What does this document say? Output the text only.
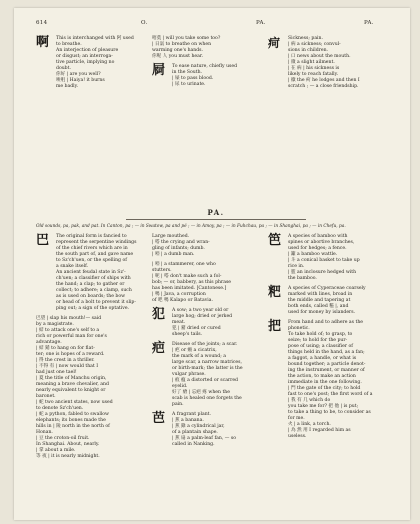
614	O.	PA.	PA.
啊 This is interchanged with 阿 used
to breathe.
An interjection of pleasure
or disgust; an interroga-
tive particle, implying no
doubt.
你好 | are you well?
唉咀 | Haiya! it burns
me badly.
唔莫 | will you take some too?
| 日氣 to breathe on when
warming one's hands.
你呢 人 you must hear.
屙 To ease nature, chiefly used
in the South.
| 屎 to pass blood.
| 尿 to urinate.
疴 Sickness; pain.
| 病 a sickness; convul-
sions in children.
| 口 news about the mouth.
| 微 a slight ailment.
| 在 病 | his sickness is
likely to reach fatally.
| 徽 the 疴 he lodges and then I
scratch ; — a close friendship.
PA.
Old sounds, pa, pak, and pat. In Canton, pa ; — in Swatow, pa and pé ; — in Amoy, pa ; — in Fuhchau, pa ; — in Shanghai, pa ; — in Chefu, pa.
巴 The original form is fancied to
represent the serpentine windings
of the chief rivers which are in
the south part of, and gave name
to Sz'ch'uen, or the spelling of
a snake itself.
An ancient feudal state in Sz'-
ch'uen; a classifier of ships with
the hand; a clap; to gather or
collect; to adhere; a clamp, such
as is used on boards; the bow
or head of a bolt to prevent it slip-
ping out; a sign of the optative.
巴望 | slap his mouth!— said
by a magistrate.
| 結 to attack one's self to a
rich or powerful man for one's
advantage.
| 結 銷 to hang on for flat-
ter; one is hopes of a reward.
| 得 the crest in a thriller.
| 不得 有 | now would that I
had just one tael!
| 夏 the title of Manchu origin,
meaning a brave chevalier, and
nearly equivalent to knight or
baronet.
| 蛇 two ancient states, now used
to denote Sz'ch'uen.
| 蛇 a python, fabled to swallow
elephants; its bones made the
hills in | 陵 north in the north of
Honan.
| 豆 the croton-oil fruit.
In Shanghai. About, nearly.
| 掌 about a mile.
等 夜 | it is nearly midnight.
Large mouthed.
| 嗒 the crying and wran-
gling of infants; dumb.
| 啞 | a dumb man.
| 啞 | a stammerer, one who
stutters.
| 呢 | 嗒 don't make such a fol-
bob; — or, babbery, as this phrase
has been imitated. [Cantonese.]
| 嗎 | Java, a corruption
of 吧 嗎 Kalapo or Batavia.
犯 A sow; a two year old or
large hog; dried or jerked
meat.
犯 | 豬 dried or cured
sheep's tails.
疤 Disease of the joints; a scar.
| 疤 or 瘢 a cicatrix,
the mark of a wound; a
large scar, a narrow matrices,
or birth-mark; the latter is the
vulgar phrase.
| 痕 瘟 a distorted or scarred
eyelid.
好了 瘡 | 忘疤 疼 when the
scab is healed one forgets the
pain.
芭 A fragrant plant.
| 蕉 a banana.
| 蕉 錄 a cylindrical jar,
of a plantain shape.
| 蕉 扇 a palm-leaf fan, — so
called in Nanking.
笆 A species of bamboo with
spines or abortive branches,
used for hedges; a fence.
| 籬 a bamboo wattle.
| 斗 a conical basket to take up
rice in.
| 籃 an inclosure hedged with
the bamboo.
粑 A species of Cyperaceae coarsely
marked with lines, broad in
the middle and tapering at
both ends, called 糍 |, and
used for money by islanders.
把 From hand and to adhere as the
phonetic.
To take hold of; to grasp, to
seize; to hold for the pur-
pose of using; a classifier of
things held in the hand, as a fan;
a faggot, a handle, or what is
bound together; a particle denot-
ing the instrument, or manner of
the action, to make an action
immediate in the one following.
| 門 the gate of the city; to hold
fast to one's post; the first word of a
| 我 有 几 which do
you take me for? 把 他 | is put;
to take a thing to be, to consider as
for me.
火 | a link, a torch.
| 為 然 用 I regarded him as
useless.
